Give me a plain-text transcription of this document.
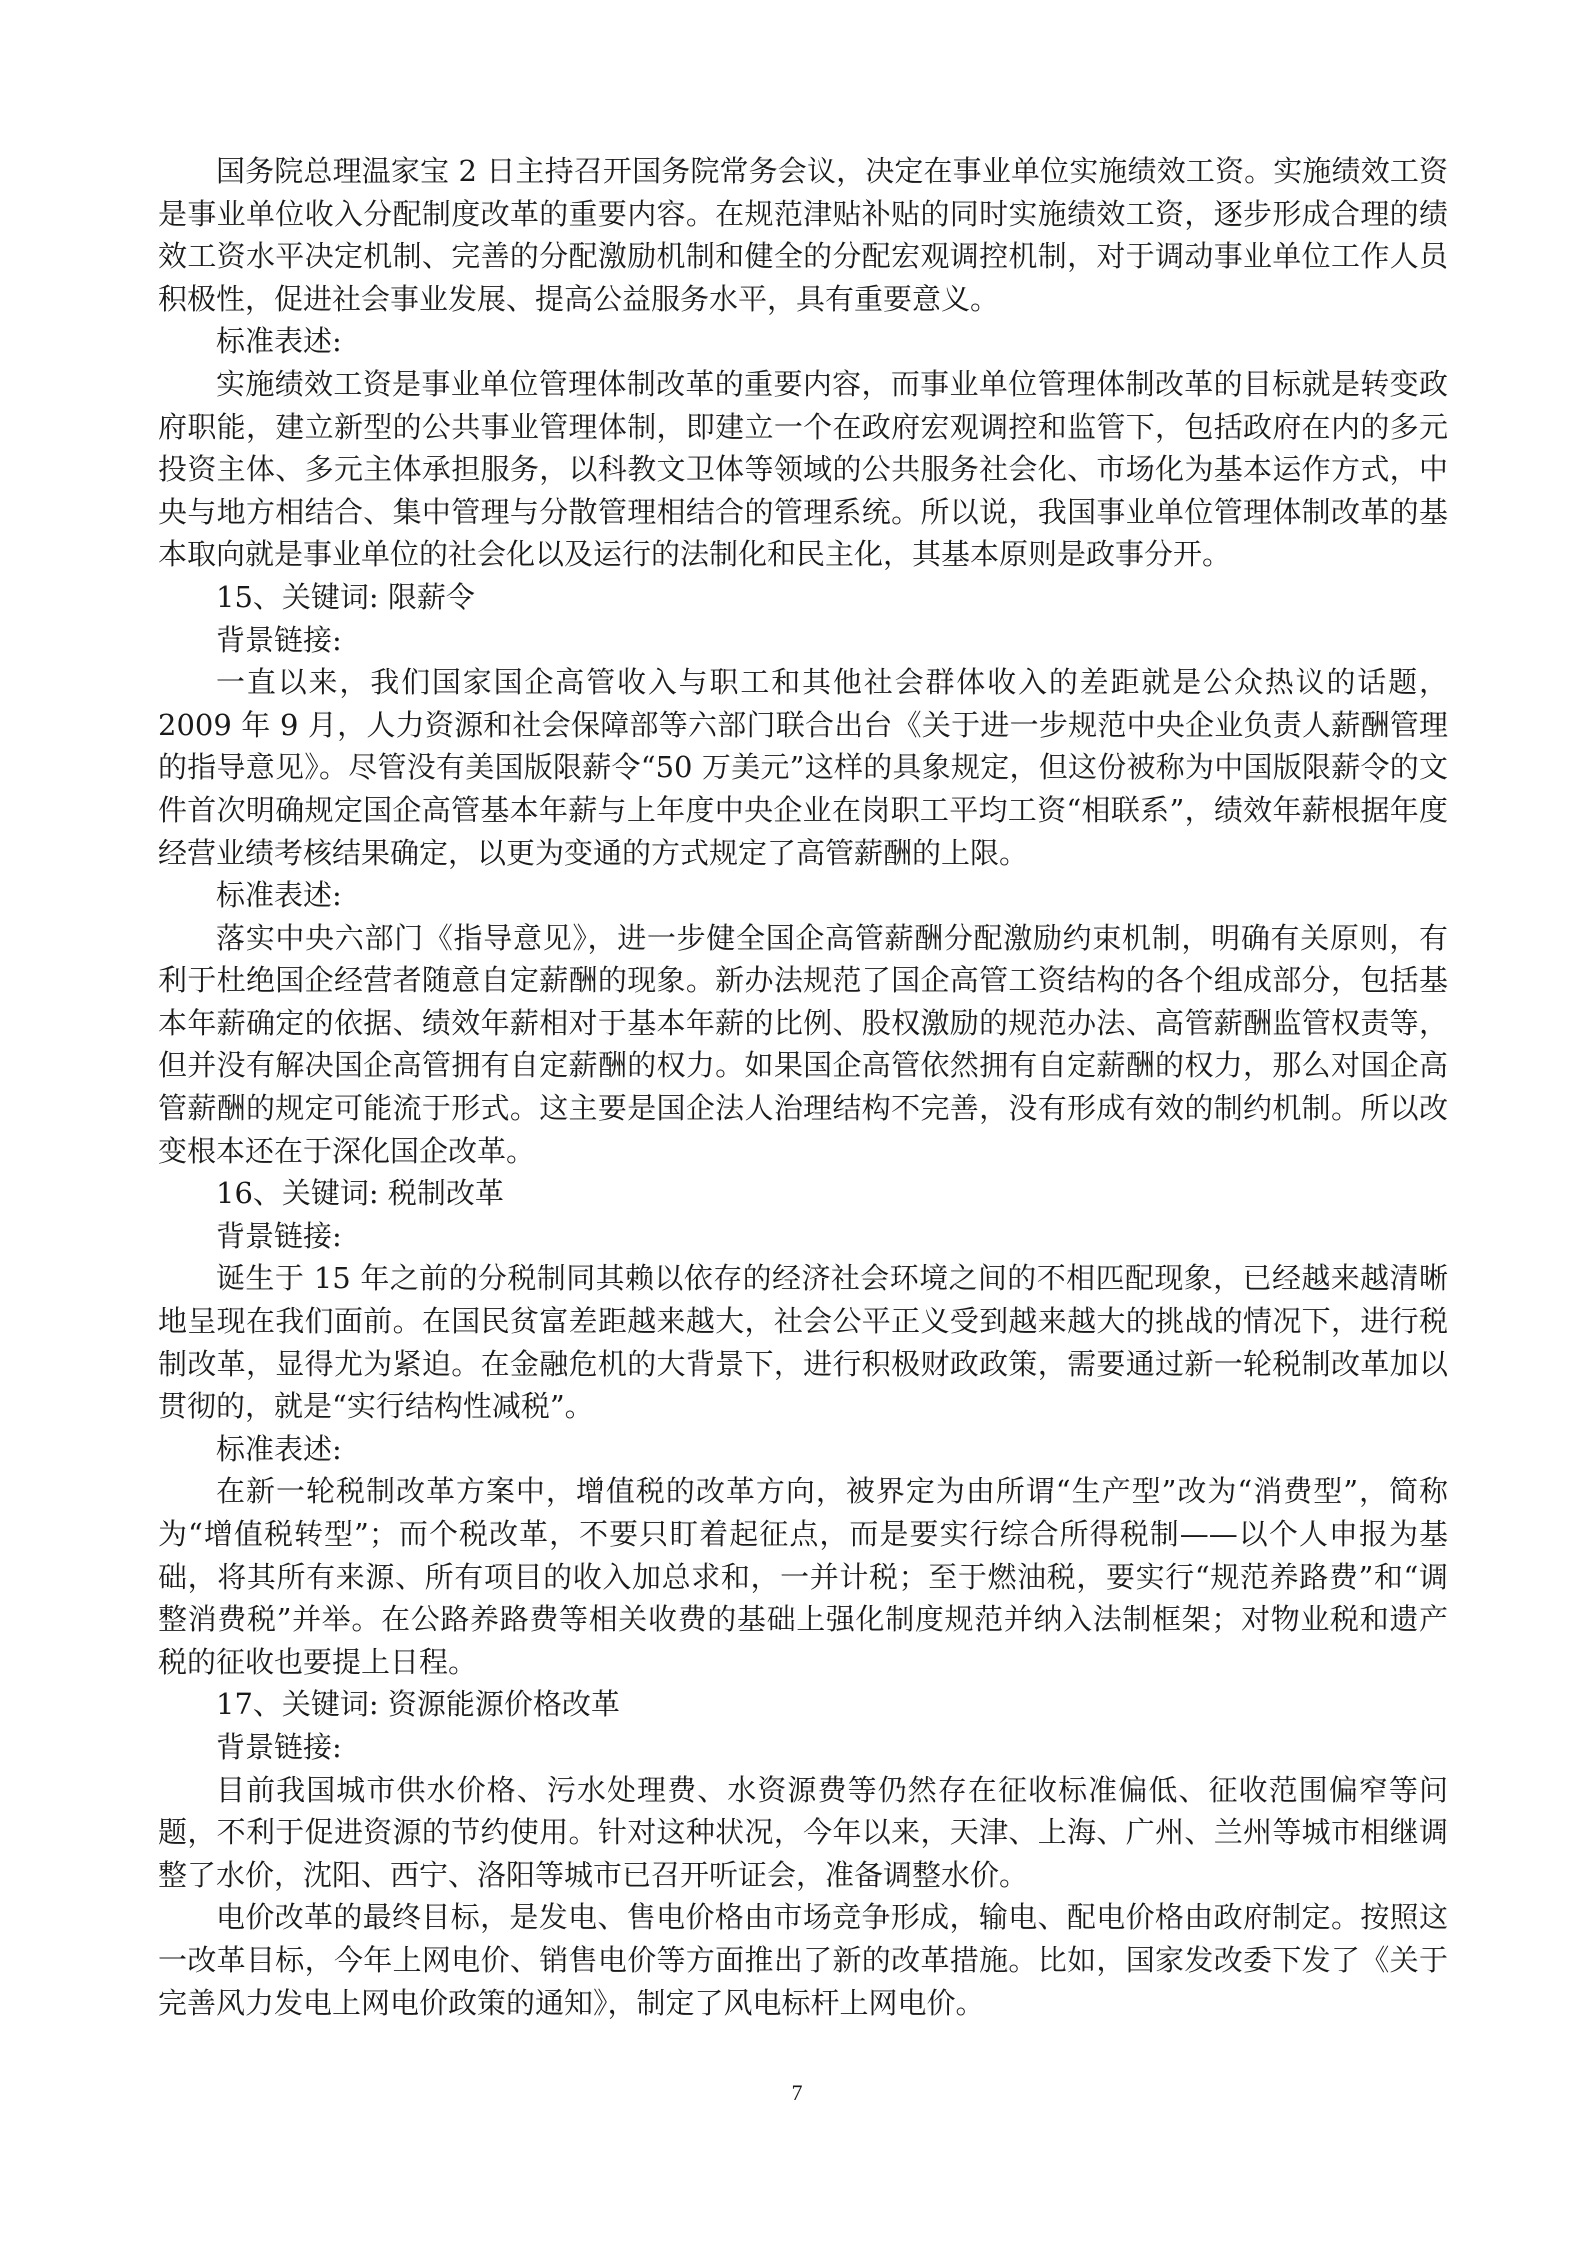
国务院总理温家宝 2 日主持召开国务院常务会议，决定在事业单位实施绩效工资。实施绩效工资是事业单位收入分配制度改革的重要内容。在规范津贴补贴的同时实施绩效工资，逐步形成合理的绩效工资水平决定机制、完善的分配激励机制和健全的分配宏观调控机制，对于调动事业单位工作人员积极性，促进社会事业发展、提高公益服务水平，具有重要意义。

标准表述:

实施绩效工资是事业单位管理体制改革的重要内容，而事业单位管理体制改革的目标就是转变政府职能，建立新型的公共事业管理体制，即建立一个在政府宏观调控和监管下，包括政府在内的多元投资主体、多元主体承担服务，以科教文卫体等领域的公共服务社会化、市场化为基本运作方式，中央与地方相结合、集中管理与分散管理相结合的管理系统。所以说，我国事业单位管理体制改革的基本取向就是事业单位的社会化以及运行的法制化和民主化，其基本原则是政事分开。

15、关键词: 限薪令

背景链接:

一直以来，我们国家国企高管收入与职工和其他社会群体收入的差距就是公众热议的话题，2009 年 9 月，人力资源和社会保障部等六部门联合出台《关于进一步规范中央企业负责人薪酬管理的指导意见》。尽管没有美国版限薪令“50 万美元”这样的具象规定，但这份被称为中国版限薪令的文件首次明确规定国企高管基本年薪与上年度中央企业在岗职工平均工资“相联系”，绩效年薪根据年度经营业绩考核结果确定，以更为变通的方式规定了高管薪酬的上限。

标准表述:

落实中央六部门《指导意见》，进一步健全国企高管薪酬分配激励约束机制，明确有关原则，有利于杜绝国企经营者随意自定薪酬的现象。新办法规范了国企高管工资结构的各个组成部分，包括基本年薪确定的依据、绩效年薪相对于基本年薪的比例、股权激励的规范办法、高管薪酬监管权责等，但并没有解决国企高管拥有自定薪酬的权力。如果国企高管依然拥有自定薪酬的权力，那么对国企高管薪酬的规定可能流于形式。这主要是国企法人治理结构不完善，没有形成有效的制约机制。所以改变根本还在于深化国企改革。

16、关键词: 税制改革

背景链接:

诞生于 15 年之前的分税制同其赖以依存的经济社会环境之间的不相匹配现象，已经越来越清晰地呈现在我们面前。在国民贫富差距越来越大，社会公平正义受到越来越大的挑战的情况下，进行税制改革，显得尤为紧迫。在金融危机的大背景下，进行积极财政政策，需要通过新一轮税制改革加以贯彻的，就是“实行结构性减税”。

标准表述:

在新一轮税制改革方案中，增值税的改革方向，被界定为由所谓“生产型”改为“消费型”，简称为“增值税转型”；而个税改革，不要只盯着起征点，而是要实行综合所得税制——以个人申报为基础，将其所有来源、所有项目的收入加总求和，一并计税；至于燃油税，要实行“规范养路费”和“调整消费税”并举。在公路养路费等相关收费的基础上强化制度规范并纳入法制框架；对物业税和遗产税的征收也要提上日程。

17、关键词: 资源能源价格改革

背景链接:

目前我国城市供水价格、污水处理费、水资源费等仍然存在征收标准偏低、征收范围偏窄等问题，不利于促进资源的节约使用。针对这种状况，今年以来，天津、上海、广州、兰州等城市相继调整了水价，沈阳、西宁、洛阳等城市已召开听证会，准备调整水价。

电价改革的最终目标，是发电、售电价格由市场竞争形成，输电、配电价格由政府制定。按照这一改革目标，今年上网电价、销售电价等方面推出了新的改革措施。比如，国家发改委下发了《关于完善风力发电上网电价政策的通知》，制定了风电标杆上网电价。

7
